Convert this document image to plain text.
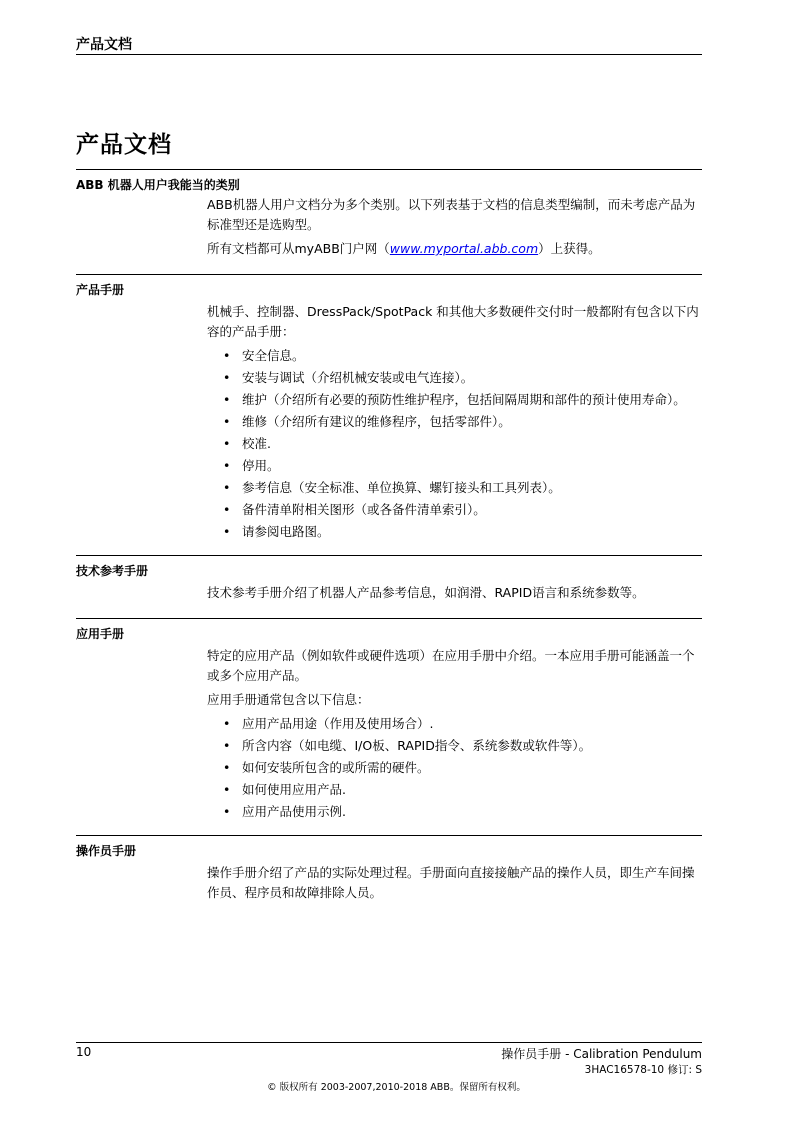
产品文档
产品文档
ABB 机器人用户我能当的类别

ABB机器人用户文档分为多个类别。以下列表基于文档的信息类型编制，而未考虑产品为标准型还是选购型。

所有文档都可从myABB门户网（www.myportal.abb.com）上获得。

产品手册

机械手、控制器、DressPack/SpotPack 和其他大多数硬件交付时一般都附有包含以下内容的产品手册：

• 安全信息。
• 安装与调试（介绍机械安装或电气连接）。
• 维护（介绍所有必要的预防性维护程序，包括间隔周期和部件的预计使用寿命）。
• 维修（介绍所有建议的维修程序，包括零部件）。
• 校准.
• 停用。
• 参考信息（安全标准、单位换算、螺钉接头和工具列表）。
• 备件清单附相关图形（或各备件清单索引）。
• 请参阅电路图。
技术参考手册

技术参考手册介绍了机器人产品参考信息，如润滑、RAPID语言和系统参数等。

应用手册

特定的应用产品（例如软件或硬件选项）在应用手册中介绍。一本应用手册可能涵盖一个或多个应用产品。

应用手册通常包含以下信息：

• 应用产品用途（作用及使用场合）.
• 所含内容（如电缆、I/O板、RAPID指令、系统参数或软件等）。
• 如何安装所包含的或所需的硬件。
• 如何使用应用产品.
• 应用产品使用示例.
操作员手册

操作手册介绍了产品的实际处理过程。手册面向直接接触产品的操作人员，即生产车间操作员、程序员和故障排除人员。

10	操作员手册 - Calibration Pendulum
3HAC16578-10 修订: S
© 版权所有 2003-2007,2010-2018 ABB。保留所有权利。
